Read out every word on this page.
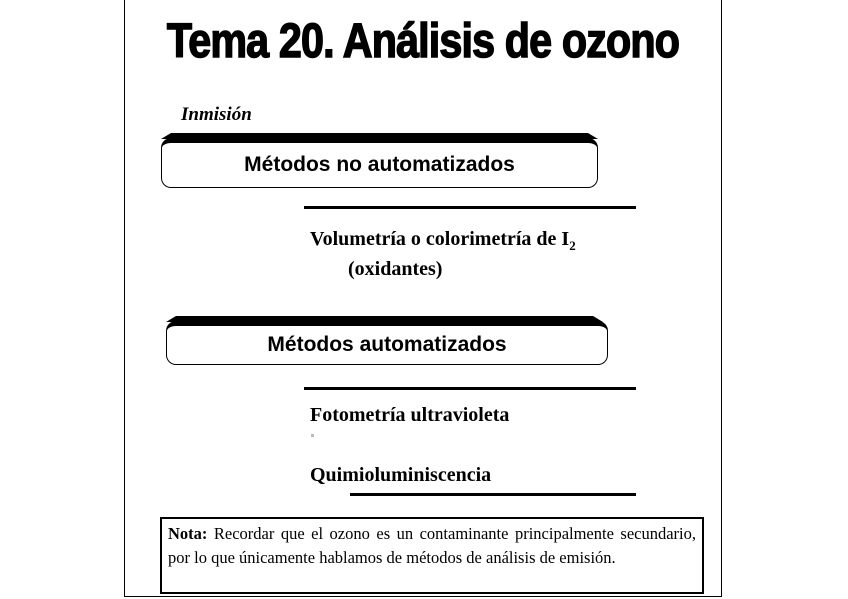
Tema 20. Análisis de ozono
Inmisión
Métodos no automatizados
Volumetría o colorimetría de $I_2$
(oxidantes)
Métodos automatizados
Fotometría ultravioleta
Quimioluminiscencia
Nota: Recordar que el ozono es un contaminante principalmente secundario, por lo que únicamente hablamos de métodos de análisis de emisión.
